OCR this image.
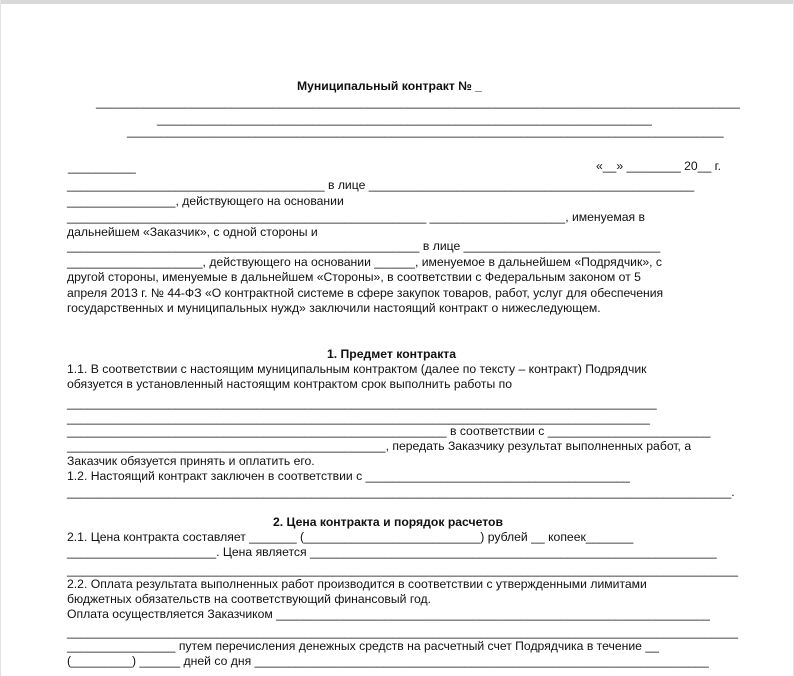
Муниципальный контракт № _
_______________________________________________________________________________________________
_________________________________________________________________________
________________________________________________________________________________________
__________	«__» ________ 20__ г.
______________________________________ в лице ________________________________________________
________________, действующего на основании
_____________________________________________________ ____________________, именуемая в
дальнейшем «Заказчик», с одной стороны и
____________________________________________________ в лице _____________________________
____________________, действующего на основании ______, именуемое в дальнейшем «Подрядчик», с
другой стороны, именуемые в дальнейшем «Стороны», в соответствии с Федеральным законом от 5
апреля 2013 г. № 44-ФЗ «О контрактной системе в сфере закупок товаров, работ, услуг для обеспечения
государственных и муниципальных нужд» заключили настоящий контракт о нижеследующем.
1. Предмет контракта
1.1. В соответствии с настоящим муниципальным контрактом (далее по тексту – контракт) Подрядчик
обязуется в установленный настоящим контрактом срок выполнить работы по
_______________________________________________________________________________________
______________________________________________________________________________________
________________________________________________________ в соответствии с ________________________
_______________________________________________, передать Заказчику результат выполненных работ, а
Заказчик обязуется принять и оплатить его.
1.2. Настоящий контракт заключен в соответствии с _______________________________________
__________________________________________________________________________________________________.
2. Цена контракта и порядок расчетов
2.1. Цена контракта составляет _______ (__________________________) рублей __ копеек_______
______________________. Цена является ____________________________________________________________
___________________________________________________________________________________________________
2.2. Оплата результата выполненных работ производится в соответствии с утвержденными лимитами
бюджетных обязательств на соответствующий финансовый год.
Оплата осуществляется Заказчиком ________________________________________________________________
___________________________________________________________________________________________________
________________ путем перечисления денежных средств на расчетный счет Подрядчика в течение __
(_________) ______ дней со дня ___________________________________________________________________
